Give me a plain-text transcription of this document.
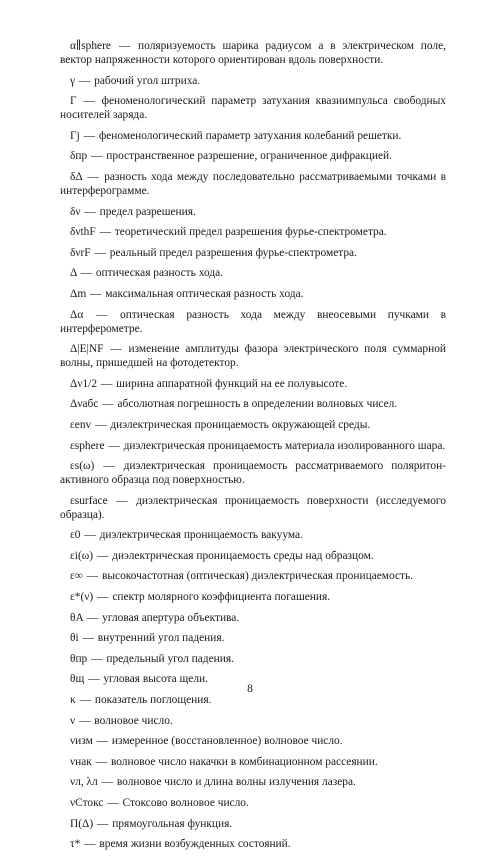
α∥sphere — поляризуемость шарика радиусом a в электрическом поле, вектор напряженности которого ориентирован вдоль поверхности.

γ — рабочий угол штриха.

Γ — феноменологический параметр затухания квазиимпульса свободных носителей заряда.

Γj — феноменологический параметр затухания колебаний решетки.

δпр — пространственное разрешение, ограниченное дифракцией.

δΔ — разность хода между последовательно рассматриваемыми точками в интерферограмме.

δν — предел разрешения.

δνthF — теоретический предел разрешения фурье-спектрометра.

δνrF — реальный предел разрешения фурье-спектрометра.

Δ — оптическая разность хода.

Δm — максимальная оптическая разность хода.

Δα — оптическая разность хода между внеосевыми пучками в интерферометре.

Δ|E|NF — изменение амплитуды фазора электрического поля суммарной волны, пришедшей на фотодетектор.

Δν1/2 — ширина аппаратной функций на ее полувысоте.

Δνабс — абсолютная погрешность в определении волновых чисел.

εenv — диэлектрическая проницаемость окружающей среды.

εsphere — диэлектрическая проницаемость материала изолированного шара.

εs(ω) — диэлектрическая проницаемость рассматриваемого поляритон-активного образца под поверхностью.

εsurface — диэлектрическая проницаемость поверхности (исследуемого образца).

ε0 — диэлектрическая проницаемость вакуума.

εi(ω) — диэлектрическая проницаемость среды над образцом.

ε∞ — высокочастотная (оптическая) диэлектрическая проницаемость.

ε*(ν) — спектр молярного коэффициента погашения.

θA — угловая апертура объектива.

θi — внутренний угол падения.

θпр — предельный угол падения.

θщ — угловая высота щели.

κ — показатель поглощения.

ν — волновое число.

νизм — измеренное (восстановленное) волновое число.

νнак — волновое число накачки в комбинационном рассеянии.

νл, λл — волновое число и длина волны излучения лазера.

νСтокс — Стоксово волновое число.

Π(Δ) — прямоугольная функция.

τ* — время жизни возбужденных состояний.

8
